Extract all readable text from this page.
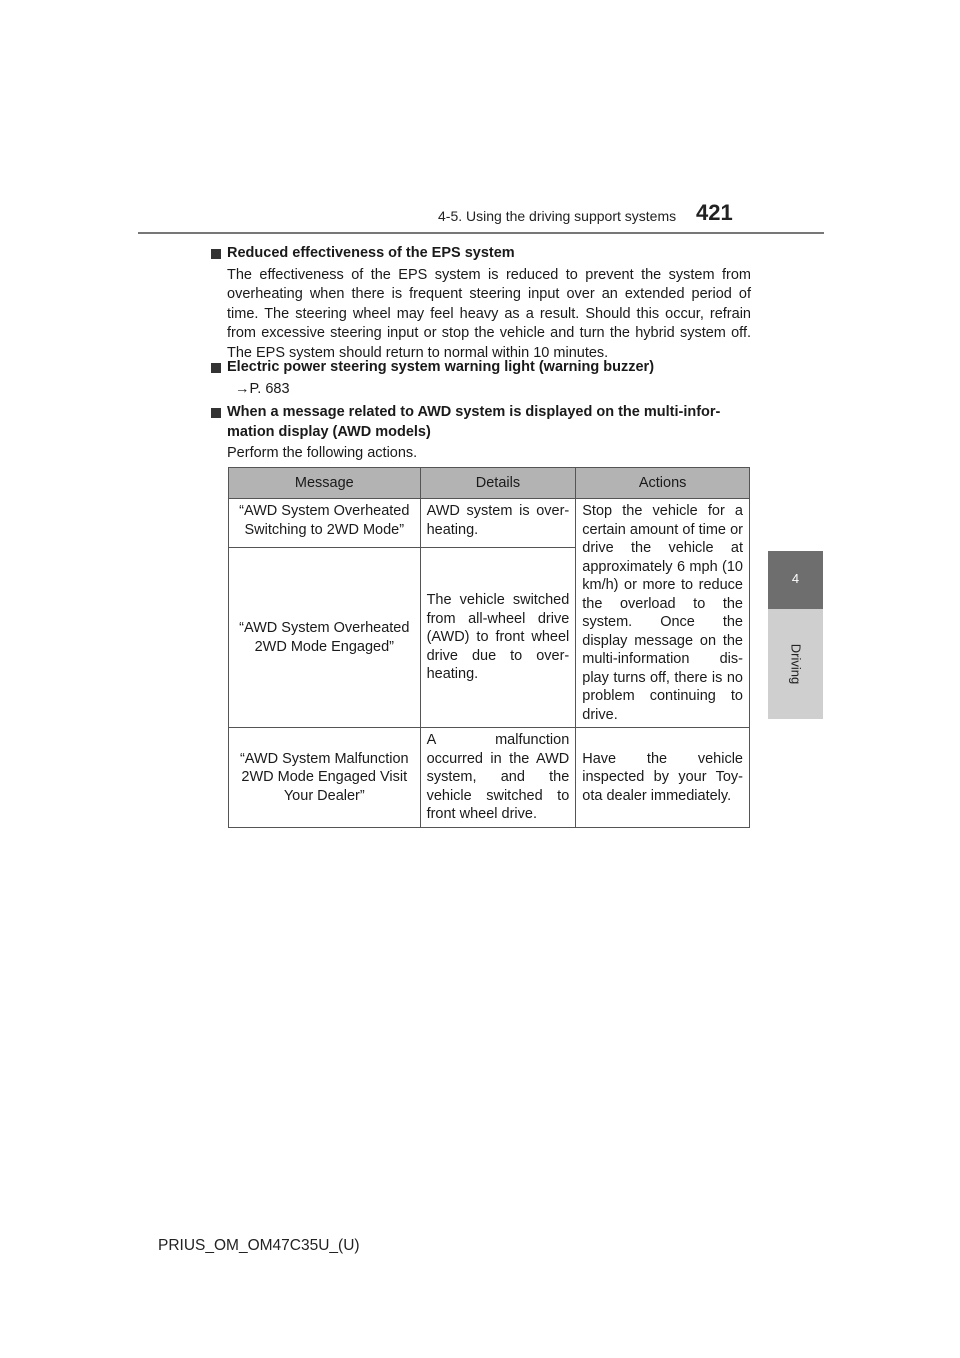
4-5. Using the driving support systems 421
4
Driving
Reduced effectiveness of the EPS system
The effectiveness of the EPS system is reduced to prevent the system from overheating when there is frequent steering input over an extended period of time. The steering wheel may feel heavy as a result. Should this occur, refrain from excessive steering input or stop the vehicle and turn the hybrid system off. The EPS system should return to normal within 10 minutes.
Electric power steering system warning light (warning buzzer)
→P. 683
When a message related to AWD system is displayed on the multi-infor- mation display (AWD models)
Perform the following actions.
Message	Details	Actions
“AWD System Overheated Switching to 2WD Mode”	AWD system is over- heating.	Stop the vehicle for a certain amount of time or drive the vehicle at approximately 6 mph (10 km/h) or more to reduce the overload to the system. Once the display message on the multi-information dis- play turns off, there is no problem continuing to drive.
“AWD System Overheated 2WD Mode Engaged”	The vehicle switched from all-wheel drive (AWD) to front wheel drive due to over- heating.	
“AWD System Malfunction 2WD Mode Engaged Visit Your Dealer”	A malfunction occurred in the AWD system, and the vehicle switched to front wheel drive.	Have the vehicle inspected by your Toy- ota dealer immediately.
PRIUS_OM_OM47C35U_(U)
